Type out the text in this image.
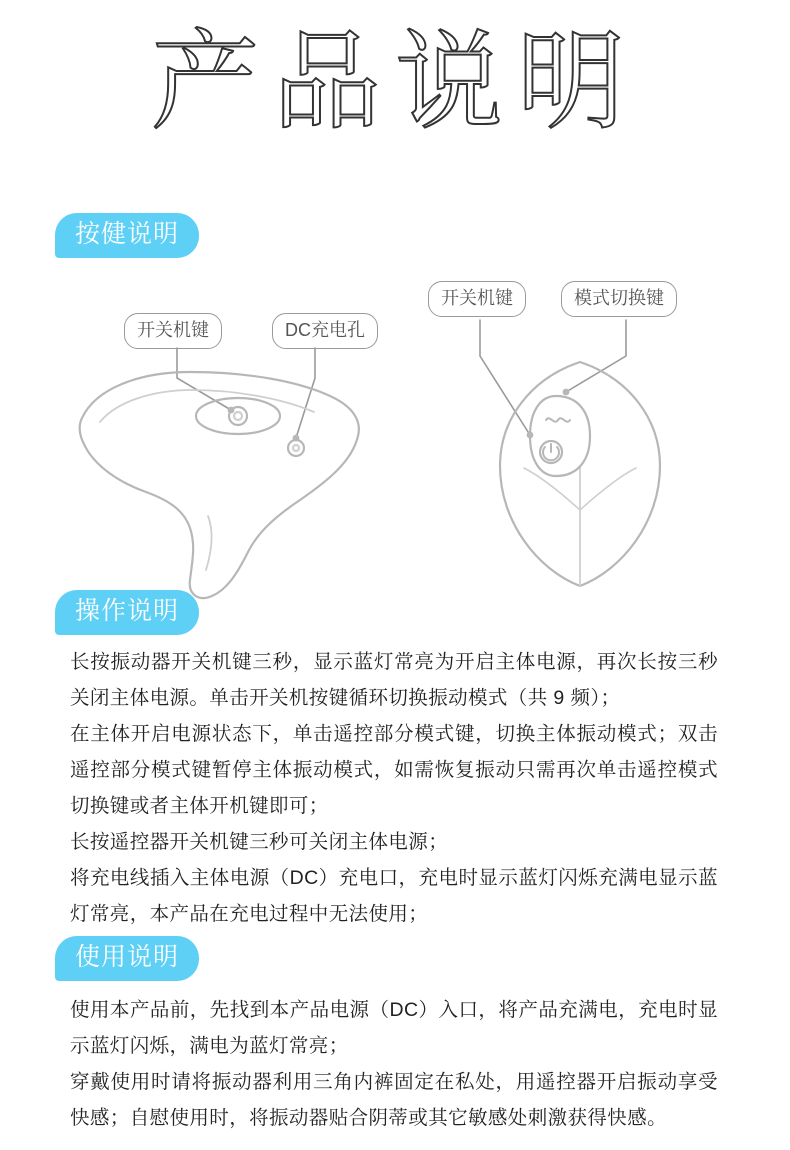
产品说明
按健说明
开关机键	DC充电孔
开关机键	模式切换键
操作说明

长按振动器开关机键三秒，显示蓝灯常亮为开启主体电源，再次长按三秒关闭主体电源。单击开关机按键循环切换振动模式（共 9 频）；

在主体开启电源状态下，单击遥控部分模式键，切换主体振动模式；双击遥控部分模式键暂停主体振动模式，如需恢复振动只需再次单击遥控模式切换键或者主体开机键即可；

长按遥控器开关机键三秒可关闭主体电源；

将充电线插入主体电源（DC）充电口，充电时显示蓝灯闪烁充满电显示蓝灯常亮，本产品在充电过程中无法使用；

使用说明

使用本产品前，先找到本产品电源（DC）入口，将产品充满电，充电时显示蓝灯闪烁，满电为蓝灯常亮；

穿戴使用时请将振动器利用三角内裤固定在私处，用遥控器开启振动享受快感；自慰使用时，将振动器贴合阴蒂或其它敏感处刺激获得快感。
